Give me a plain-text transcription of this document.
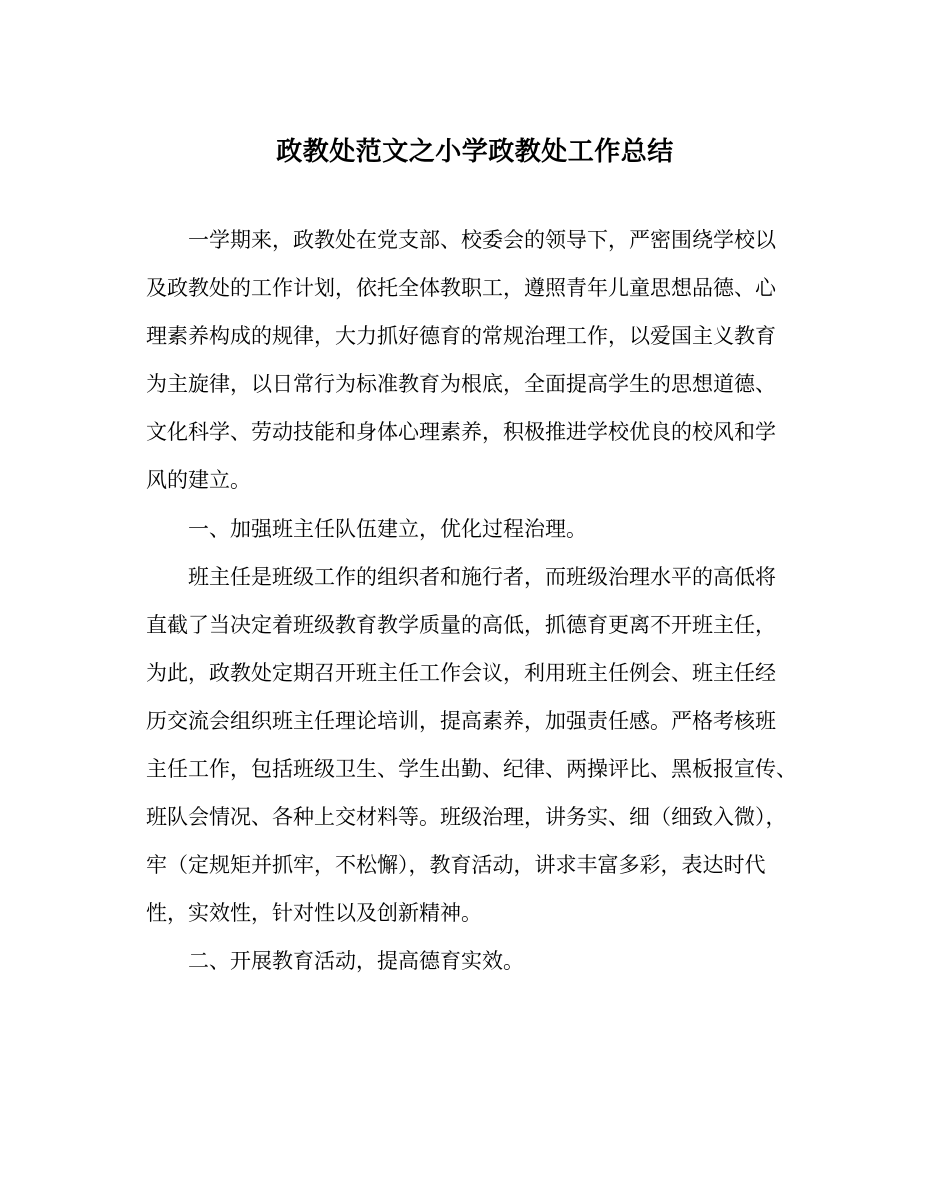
政教处范文之小学政教处工作总结
一学期来，政教处在党支部、校委会的领导下，严密围绕学校以
及政教处的工作计划，依托全体教职工，遵照青年儿童思想品德、心
理素养构成的规律，大力抓好德育的常规治理工作，以爱国主义教育
为主旋律，以日常行为标准教育为根底，全面提高学生的思想道德、
文化科学、劳动技能和身体心理素养，积极推进学校优良的校风和学
风的建立。
一、加强班主任队伍建立，优化过程治理。
班主任是班级工作的组织者和施行者，而班级治理水平的高低将
直截了当决定着班级教育教学质量的高低，抓德育更离不开班主任，
为此，政教处定期召开班主任工作会议，利用班主任例会、班主任经
历交流会组织班主任理论培训，提高素养，加强责任感。严格考核班
主任工作，包括班级卫生、学生出勤、纪律、两操评比、黑板报宣传、
班队会情况、各种上交材料等。班级治理，讲务实、细（细致入微），
牢（定规矩并抓牢，不松懈），教育活动，讲求丰富多彩，表达时代
性，实效性，针对性以及创新精神。
二、开展教育活动，提高德育实效。
